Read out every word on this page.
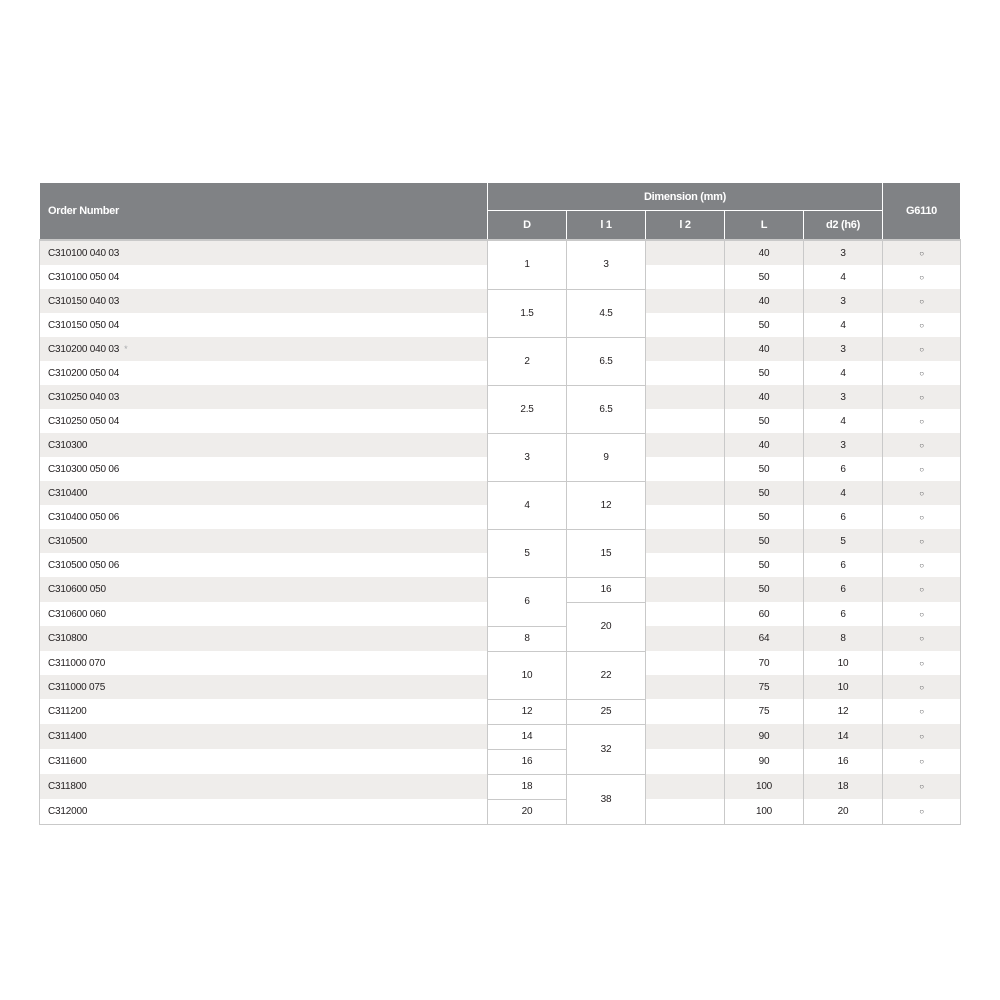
Order Number	Dimension (mm)					G6110
	D	l 1	l 2	L	d2 (h6)	
C310100 040 03	1	3		40	3	○
C310100 050 04				50	4	○
C310150 040 03	1.5	4.5		40	3	○
C310150 050 04				50	4	○
C310200 040 03 *	2	6.5		40	3	○
C310200 050 04				50	4	○
C310250 040 03	2.5	6.5		40	3	○
C310250 050 04				50	4	○
C310300	3	9		40	3	○
C310300 050 06				50	6	○
C310400	4	12		50	4	○
C310400 050 06				50	6	○
C310500	5	15		50	5	○
C310500 050 06				50	6	○
C310600 050	6	16		50	6	○
C310600 060		20		60	6	○
C310800	8			64	8	○
C311000 070	10	22		70	10	○
C311000 075				75	10	○
C311200	12	25		75	12	○
C311400	14	32		90	14	○
C311600	16			90	16	○
C311800	18	38		100	18	○
C312000	20			100	20	○
